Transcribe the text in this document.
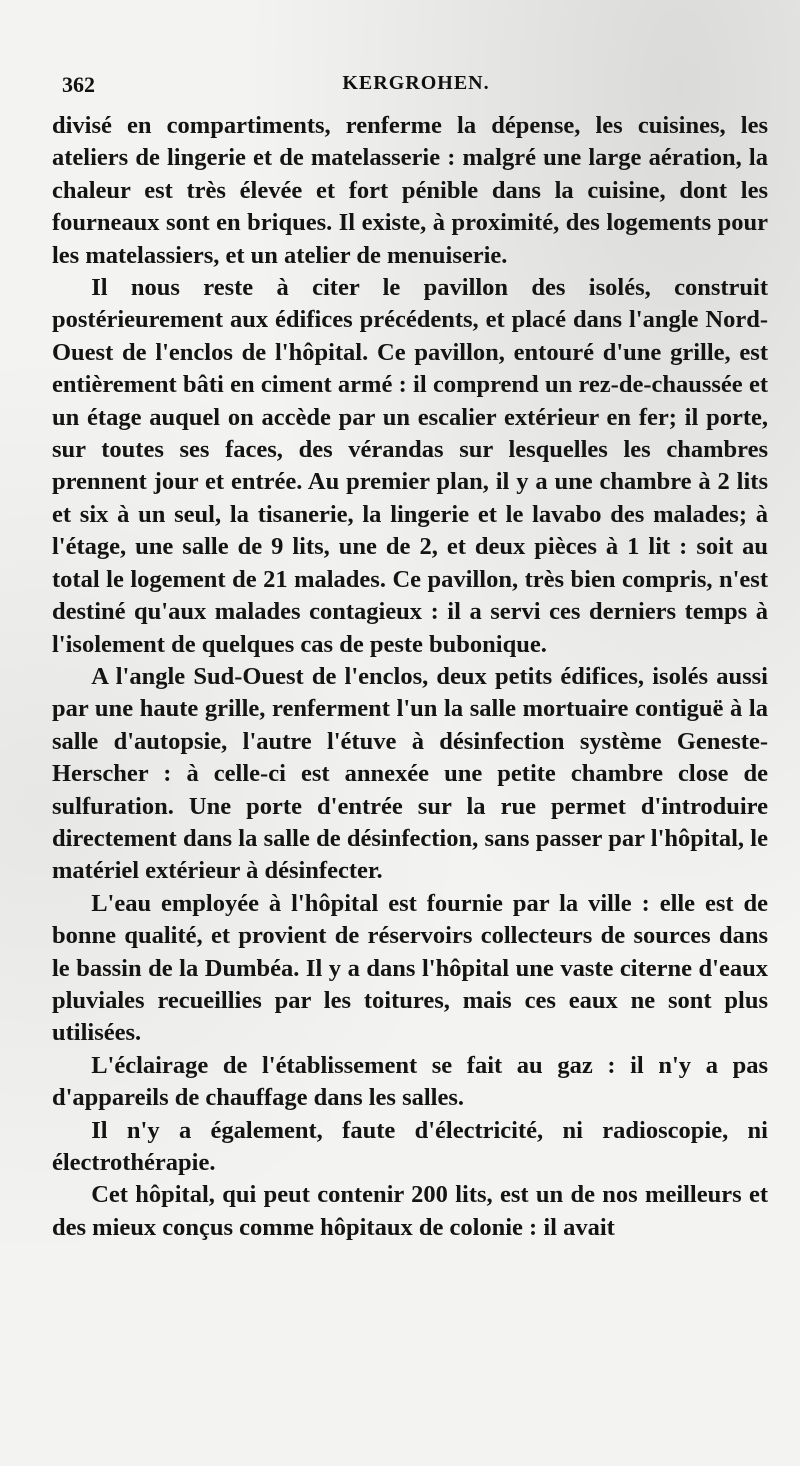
362	KERGROHEN.

divisé en compartiments, renferme la dépense, les cuisines, les ateliers de lingerie et de matelasserie : malgré une large aération, la chaleur est très élevée et fort pénible dans la cuisine, dont les fourneaux sont en briques. Il existe, à proximité, des logements pour les matelassiers, et un atelier de menuiserie.

Il nous reste à citer le pavillon des isolés, construit postérieurement aux édifices précédents, et placé dans l'angle Nord-Ouest de l'enclos de l'hôpital. Ce pavillon, entouré d'une grille, est entièrement bâti en ciment armé : il comprend un rez-de-chaussée et un étage auquel on accède par un escalier extérieur en fer; il porte, sur toutes ses faces, des vérandas sur lesquelles les chambres prennent jour et entrée. Au premier plan, il y a une chambre à 2 lits et six à un seul, la tisanerie, la lingerie et le lavabo des malades; à l'étage, une salle de 9 lits, une de 2, et deux pièces à 1 lit : soit au total le logement de 21 malades. Ce pavillon, très bien compris, n'est destiné qu'aux malades contagieux : il a servi ces derniers temps à l'isolement de quelques cas de peste bubonique.

A l'angle Sud-Ouest de l'enclos, deux petits édifices, isolés aussi par une haute grille, renferment l'un la salle mortuaire contiguë à la salle d'autopsie, l'autre l'étuve à désinfection système Geneste-Herscher : à celle-ci est annexée une petite chambre close de sulfuration. Une porte d'entrée sur la rue permet d'introduire directement dans la salle de désinfection, sans passer par l'hôpital, le matériel extérieur à désinfecter.

L'eau employée à l'hôpital est fournie par la ville : elle est de bonne qualité, et provient de réservoirs collecteurs de sources dans le bassin de la Dumbéa. Il y a dans l'hôpital une vaste citerne d'eaux pluviales recueillies par les toitures, mais ces eaux ne sont plus utilisées.

L'éclairage de l'établissement se fait au gaz : il n'y a pas d'appareils de chauffage dans les salles.

Il n'y a également, faute d'électricité, ni radioscopie, ni électrothérapie.

Cet hôpital, qui peut contenir 200 lits, est un de nos meilleurs et des mieux conçus comme hôpitaux de colonie : il avait
